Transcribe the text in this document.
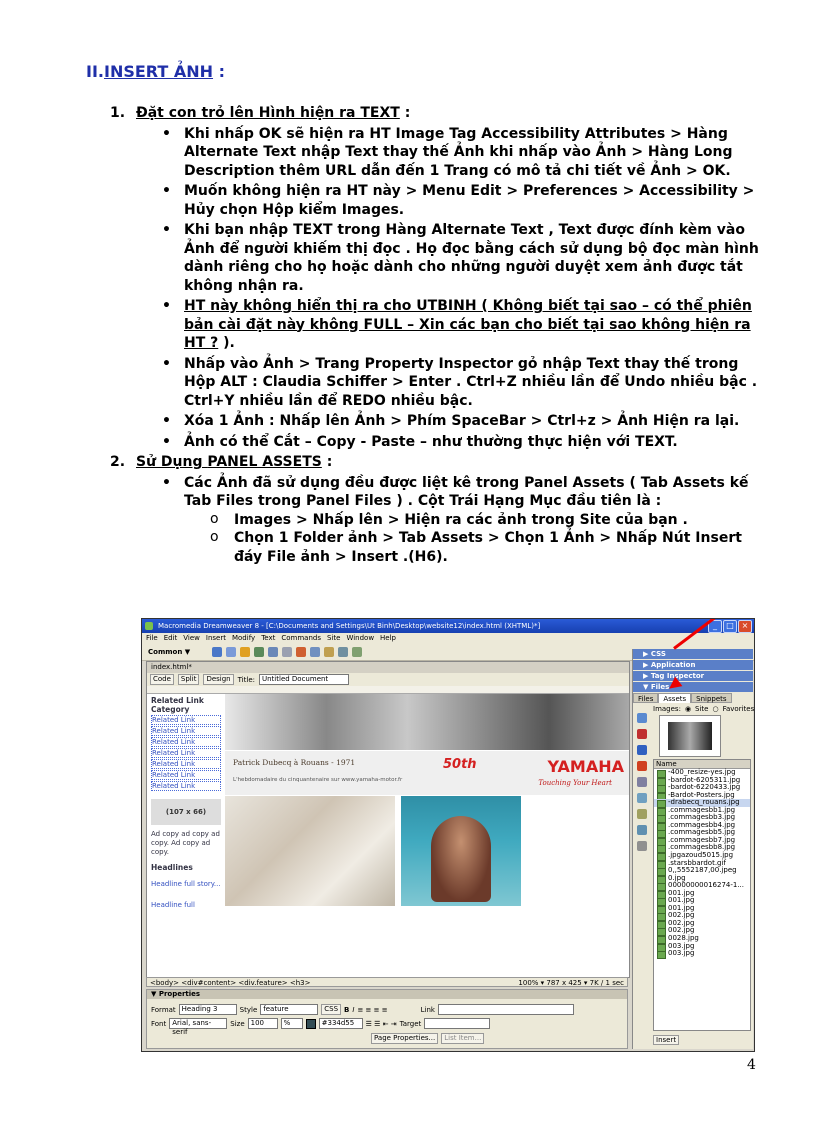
II.INSERT ẢNH :
1. Đặt con trỏ lên Hình hiện ra TEXT :
• Khi nhấp OK sẽ hiện ra HT Image Tag Accessibility Attributes > Hàng Alternate Text nhập Text thay thế Ảnh khi nhấp vào Ảnh > Hàng Long Description thêm URL dẫn đến 1 Trang có mô tả chi tiết về Ảnh > OK.
• Muốn không hiện ra HT này > Menu Edit > Preferences > Accessibility > Hủy chọn Hộp kiểm Images.
• Khi bạn nhập TEXT trong Hàng Alternate Text , Text được đính kèm vào Ảnh để người khiếm thị đọc . Họ đọc bằng cách sử dụng bộ đọc màn hình dành riêng cho họ hoặc dành cho những người duyệt xem ảnh được tắt không nhận ra.
• HT này không hiển thị ra cho UTBINH ( Không biết tại sao – có thể phiên bản cài đặt này không FULL – Xin các bạn cho biết tại sao không hiện ra HT ? ).
• Nhấp vào Ảnh > Trang Property Inspector gỏ nhập Text thay thế trong Hộp ALT : Claudia Schiffer > Enter . Ctrl+Z nhiều lần để Undo nhiều bậc . Ctrl+Y nhiều lần để REDO nhiều bậc.
• Xóa 1 Ảnh : Nhấp lên Ảnh > Phím SpaceBar > Ctrl+z > Ảnh Hiện ra lại.
• Ảnh có thể Cắt – Copy - Paste – như thường thực hiện với TEXT.
2. Sử Dụng PANEL ASSETS :
• Các Ảnh đã sử dụng đều được liệt kê trong Panel Assets ( Tab Assets kế Tab Files trong Panel Files ) . Cột Trái Hạng Mục đầu tiên là :
o Images > Nhấp lên > Hiện ra các ảnh trong Site của bạn .
o Chọn 1 Folder ảnh > Tab Assets > Chọn 1 Ảnh > Nhấp Nút Insert đáy File ảnh > Insert .(H6).
Macromedia Dreamweaver 8 - [C:\Documents and Settings\Ut Binh\Desktop\website12\index.html (XHTML)*]	_	□ ×
File Edit View Insert Modify Text Commands Site Window Help
Common ▼
index.html*
Code	Split	Design	Title:	Untitled Document
Related Link
Category
Related Link
Related Link
Related Link
Related Link
Related Link
Related Link
Related Link
(107 x 66)
Ad copy ad copy ad copy. Ad copy ad copy.
Headlines
Headline full story...
Headline full
Patrick Dubecq à Rouans - 1971
L'hebdomadaire du cinquantenaire sur www.yamaha-motor.fr
50th	YAMAHA
Touching Your Heart
<body> <div#content> <div.feature> <h3>	100% ▾ 787 x 425 ▾ 7K / 1 sec
▼ Properties
Format Heading 3	Style feature	CSS B I ≡ ≡ ≡ ≡	Link
Font Arial, sans-serif
Size 100	%	#334d55	☰ ☰ ⇤ ⇥ Target
Page Properties...	List Item...
▶ CSS
▶ Application
▶ Tag Inspector
▼ Files
Files	Assets	Snippets
Images: ◉ Site ○ Favorites
Name
-400_resize-yes.jpg
-bardot-6205311.jpg
-bardot-6220433.jpg
-Bardot-Posters.jpg
-drabecq_rouans.jpg
.commagesbb1.jpg
.commagesbb3.jpg
.commagesbb4.jpg
.commagesbb5.jpg
.commagesbb7.jpg
.commagesbb8.jpg
.jpgazoud5015.jpg
.starsbbardot.gif
0,,5552187,00.jpeg
0.jpg
00000000016274-1...
001.jpg
001.jpg
001.jpg
002.jpg
002.jpg
002.jpg
0028.jpg
003.jpg
003.jpg
Insert
4
